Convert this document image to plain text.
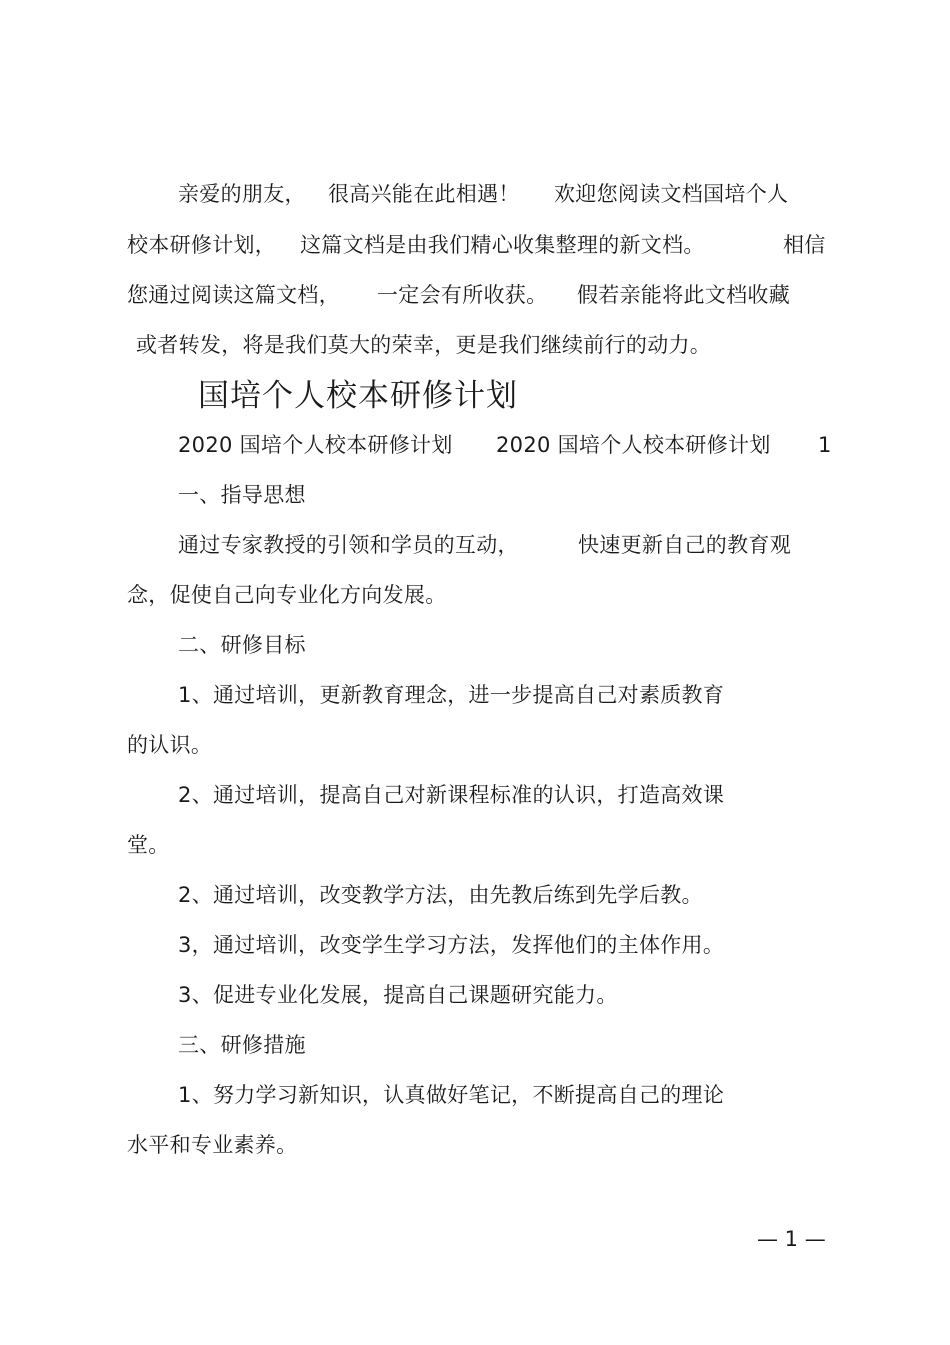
亲爱的朋友， 很高兴能在此相遇！ 欢迎您阅读文档国培个人
校本研修计划， 这篇文档是由我们精心收集整理的新文档。	相信
您通过阅读这篇文档， 一定会有所收获。 假若亲能将此文档收藏
或者转发，将是我们莫大的荣幸，更是我们继续前行的动力。
国培个人校本研修计划
2020 国培个人校本研修计划 2020 国培个人校本研修计划 1
一、指导思想
通过专家教授的引领和学员的互动，	快速更新自己的教育观
念，促使自己向专业化方向发展。
二、研修目标
1、通过培训，更新教育理念，进一步提高自己对素质教育
的认识。
2、通过培训，提高自己对新课程标准的认识，打造高效课
堂。
2、通过培训，改变教学方法，由先教后练到先学后教。
3，通过培训，改变学生学习方法，发挥他们的主体作用。
3、促进专业化发展，提高自己课题研究能力。
三、研修措施
1、努力学习新知识，认真做好笔记，不断提高自己的理论
水平和专业素养。
— 1 —
